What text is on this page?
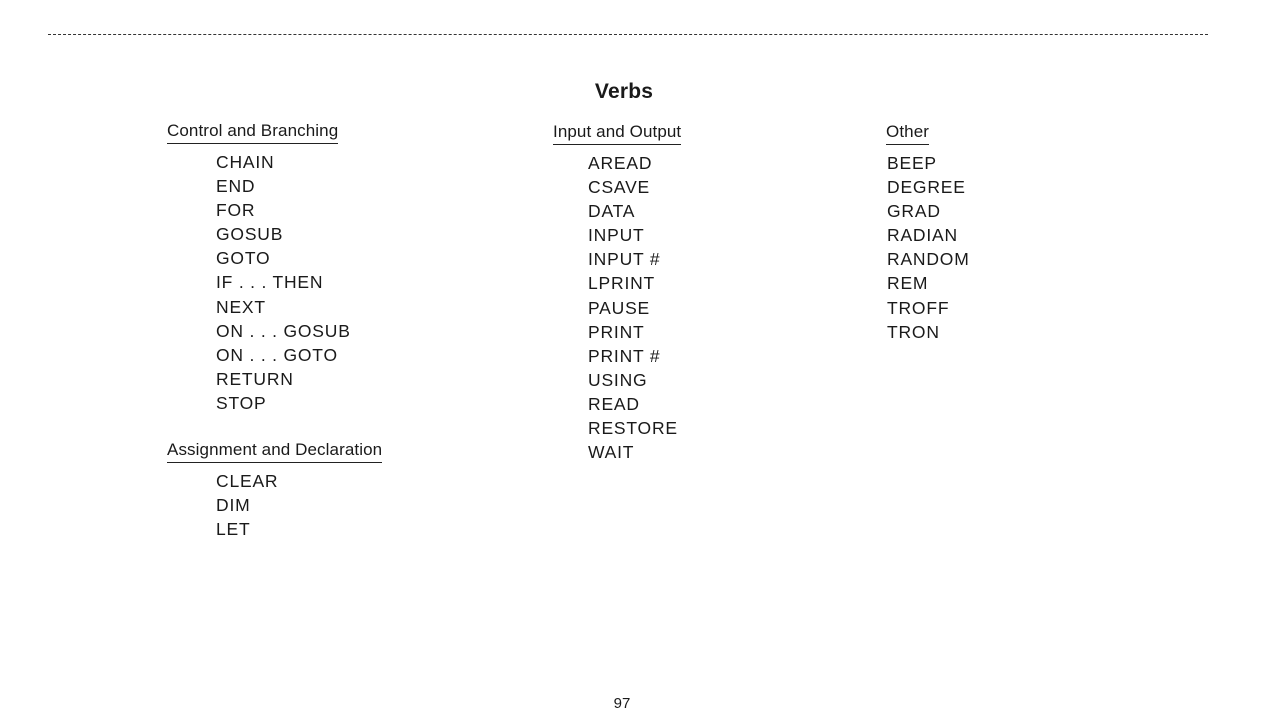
Verbs
Control and Branching
CHAIN
END
FOR
GOSUB
GOTO
IF . . . THEN
NEXT
ON . . . GOSUB
ON . . . GOTO
RETURN
STOP
Assignment and Declaration
CLEAR
DIM
LET
Input and Output
AREAD
CSAVE
DATA
INPUT
INPUT #
LPRINT
PAUSE
PRINT
PRINT #
USING
READ
RESTORE
WAIT
Other
BEEP
DEGREE
GRAD
RADIAN
RANDOM
REM
TROFF
TRON
97
